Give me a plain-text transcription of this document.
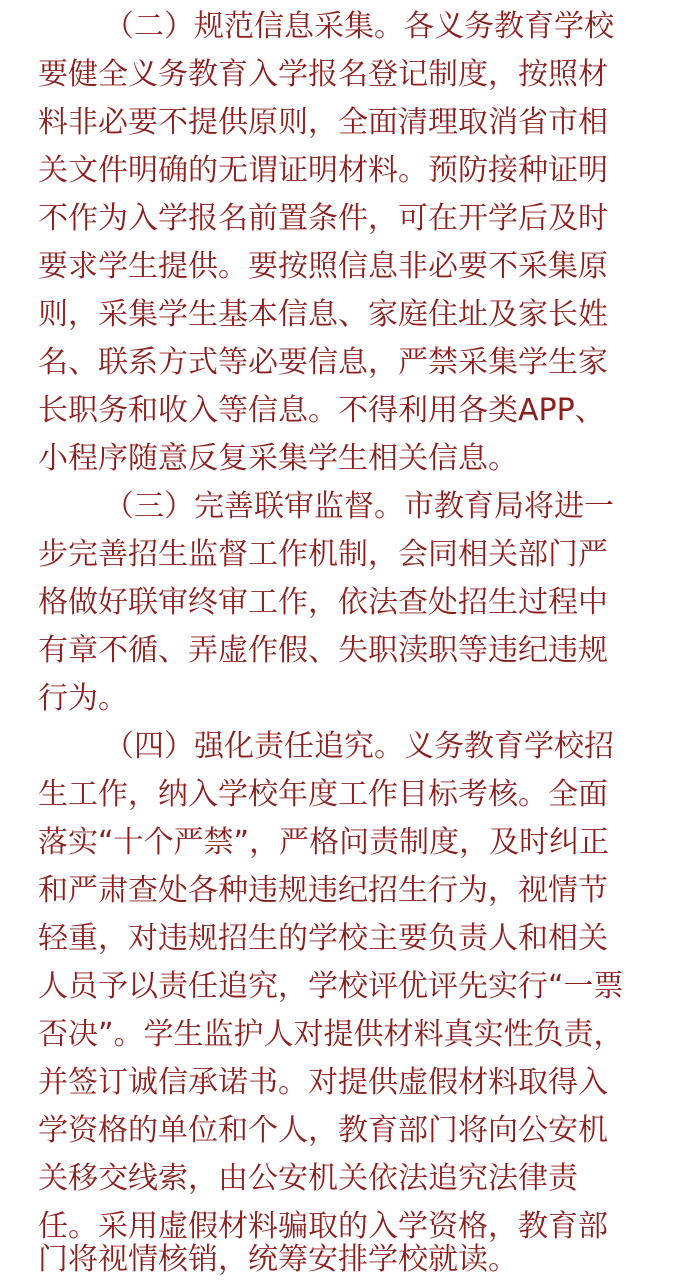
（二）规范信息采集。各义务教育学校
要健全义务教育入学报名登记制度，按照材
料非必要不提供原则，全面清理取消省市相
关文件明确的无谓证明材料。预防接种证明
不作为入学报名前置条件，可在开学后及时
要求学生提供。要按照信息非必要不采集原
则，采集学生基本信息、家庭住址及家长姓
名、联系方式等必要信息，严禁采集学生家
长职务和收入等信息。不得利用各类APP、
小程序随意反复采集学生相关信息。
（三）完善联审监督。市教育局将进一
步完善招生监督工作机制，会同相关部门严
格做好联审终审工作，依法查处招生过程中
有章不循、弄虚作假、失职渎职等违纪违规
行为。
（四）强化责任追究。义务教育学校招
生工作，纳入学校年度工作目标考核。全面
落实“十个严禁”，严格问责制度，及时纠正
和严肃查处各种违规违纪招生行为，视情节
轻重，对违规招生的学校主要负责人和相关
人员予以责任追究，学校评优评先实行“一票
否决”。学生监护人对提供材料真实性负责，
并签订诚信承诺书。对提供虚假材料取得入
学资格的单位和个人，教育部门将向公安机
关移交线索，由公安机关依法追究法律责
任。采用虚假材料骗取的入学资格，教育部
门将视情核销，统筹安排学校就读。
